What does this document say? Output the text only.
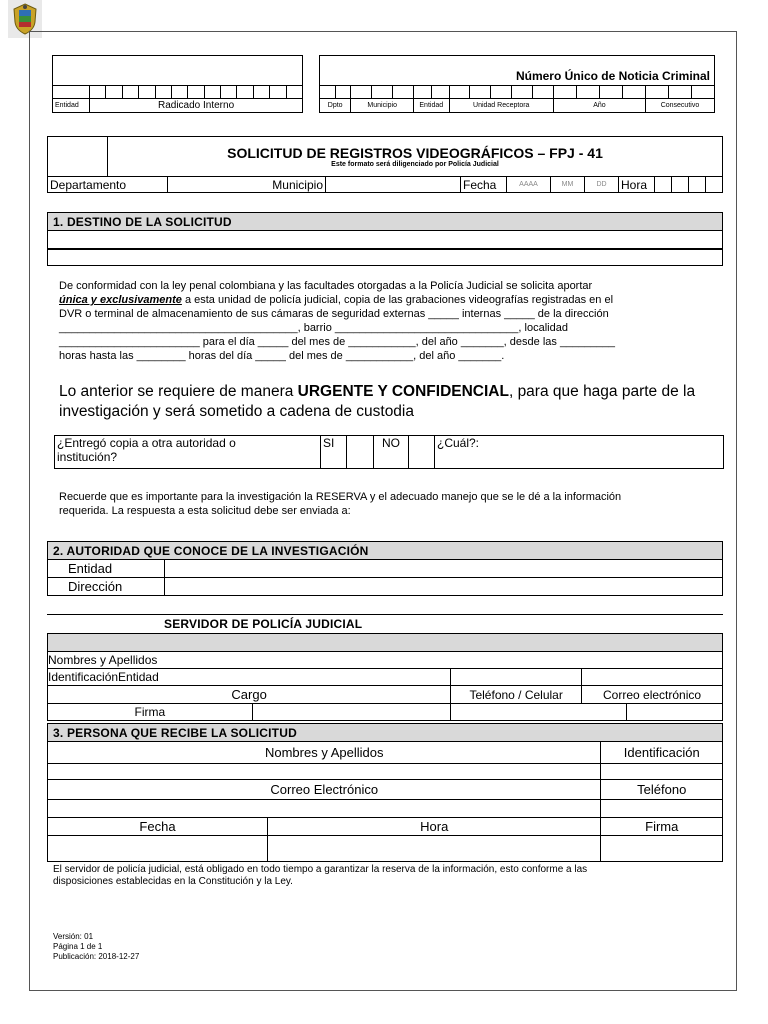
Entidad	Radicado Interno												
Número Único de Noticia Criminal																		

Dpto		Municipio			Entidad		Unidad Receptora					Año				Consecutivo		

	SOLICITUD DE REGISTROS VIDEOGRÁFICOS – FPJ - 41
Este formato será diligenciado por Policía Judicial											

Departamento		Municipio		Fecha	AAAA	MM	DD	Hora				
1. DESTINO DE LA SOLICITUD

De conformidad con la ley penal colombiana y las facultades otorgadas a la Policía Judicial se solicita aportar
única y exclusivamente a esta unidad de policía judicial, copia de las grabaciones videografías registradas en el
DVR o terminal de almacenamiento de sus cámaras de seguridad externas _____ internas _____ de la dirección
_______________________________________, barrio ______________________________, localidad
_______________________ para el día _____ del mes de ___________, del año _______, desde las _________
horas hasta las ________ horas del día _____ del mes de ___________, del año _______.
Lo anterior se requiere de manera URGENTE Y CONFIDENCIAL, para que haga parte de la
investigación y será sometido a cadena de custodia
¿Entregó copia a otra autoridad o
institución?
	SI		NO		¿Cuál?:
Recuerde que es importante para la investigación la RESERVA y el adecuado manejo que se le dé a la información
requerida. La respuesta a esta solicitud debe ser enviada a:
2. AUTORIDAD QUE CONOCE DE LA INVESTIGACIÓN	
Entidad	
Dirección	
SERVIDOR DE POLICÍA JUDICIAL

Nombres y Apellidos			
IdentificaciónEntidad			
Cargo		Teléfono / Celular	Correo electrónico
Firma			
3. PERSONA QUE RECIBE LA SOLICITUD		
Nombres y Apellidos		Identificación

Correo Electrónico		Teléfono

Fecha	Hora	Firma

El servidor de policía judicial, está obligado en todo tiempo a garantizar la reserva de la información, esto conforme a las
disposiciones establecidas en la Constitución y la Ley.
Versión: 01
Página 1 de 1
Publicación: 2018-12-27
